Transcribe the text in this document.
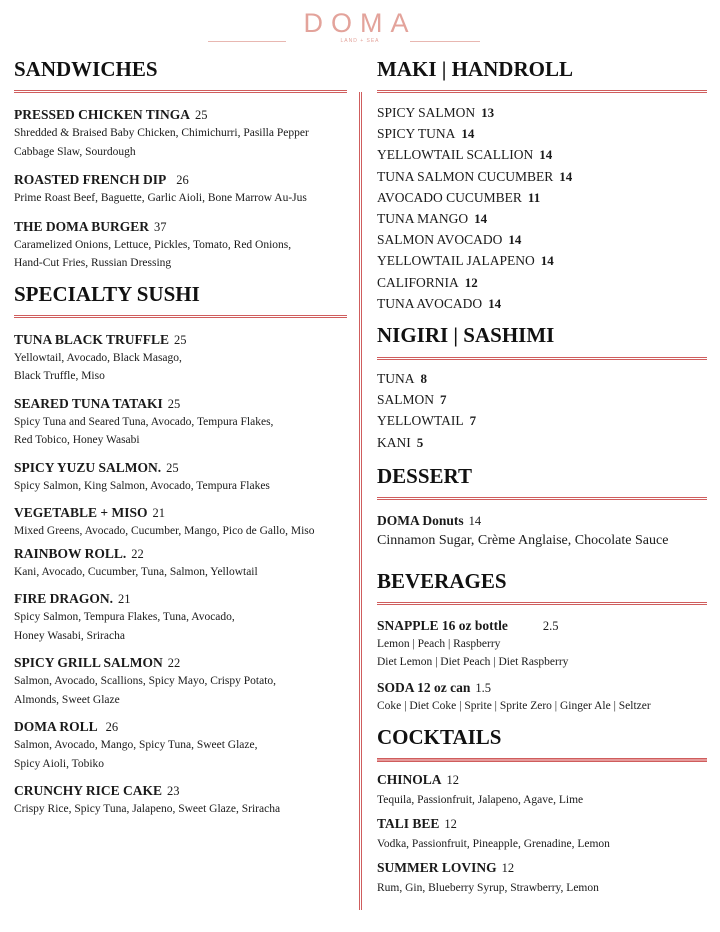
DOMA
LAND + SEA
SANDWICHES
PRESSED CHICKEN TINGA 25
Shredded & Braised Baby Chicken, Chimichurri, Pasilla Pepper
Cabbage Slaw, Sourdough
ROASTED FRENCH DIP 26
Prime Roast Beef, Baguette, Garlic Aioli, Bone Marrow Au-Jus
THE DOMA BURGER 37
Caramelized Onions, Lettuce, Pickles, Tomato, Red Onions,
Hand-Cut Fries, Russian Dressing
SPECIALTY SUSHI
TUNA BLACK TRUFFLE 25
Yellowtail, Avocado, Black Masago,
Black Truffle, Miso
SEARED TUNA TATAKI 25
Spicy Tuna and Seared Tuna, Avocado, Tempura Flakes,
Red Tobico, Honey Wasabi
SPICY YUZU SALMON. 25
Spicy Salmon, King Salmon, Avocado, Tempura Flakes
VEGETABLE + MISO 21
Mixed Greens, Avocado, Cucumber, Mango, Pico de Gallo, Miso
RAINBOW ROLL. 22
Kani, Avocado, Cucumber, Tuna, Salmon, Yellowtail
FIRE DRAGON. 21
Spicy Salmon, Tempura Flakes, Tuna, Avocado,
Honey Wasabi, Sriracha
SPICY GRILL SALMON 22
Salmon, Avocado, Scallions, Spicy Mayo, Crispy Potato,
Almonds, Sweet Glaze
DOMA ROLL 26
Salmon, Avocado, Mango, Spicy Tuna, Sweet Glaze,
Spicy Aioli, Tobiko
CRUNCHY RICE CAKE 23
Crispy Rice, Spicy Tuna, Jalapeno, Sweet Glaze, Sriracha
MAKI | HANDROLL
SPICY SALMON 13
SPICY TUNA 14
YELLOWTAIL SCALLION 14
TUNA SALMON CUCUMBER 14
AVOCADO CUCUMBER 11
TUNA MANGO 14
SALMON AVOCADO 14
YELLOWTAIL JALAPENO 14
CALIFORNIA 12
TUNA AVOCADO 14
NIGIRI | SASHIMI
TUNA 8
SALMON 7
YELLOWTAIL 7
KANI 5
DESSERT
DOMA Donuts 14
Cinnamon Sugar, Crème Anglaise, Chocolate Sauce
BEVERAGES
SNAPPLE 16 oz bottle	2.5
Lemon | Peach | Raspberry
Diet Lemon | Diet Peach | Diet Raspberry
SODA 12 oz can 1.5
Coke | Diet Coke | Sprite | Sprite Zero | Ginger Ale | Seltzer
COCKTAILS
CHINOLA 12
Tequila, Passionfruit, Jalapeno, Agave, Lime
TALI BEE 12
Vodka, Passionfruit, Pineapple, Grenadine, Lemon
SUMMER LOVING 12
Rum, Gin, Blueberry Syrup, Strawberry, Lemon
